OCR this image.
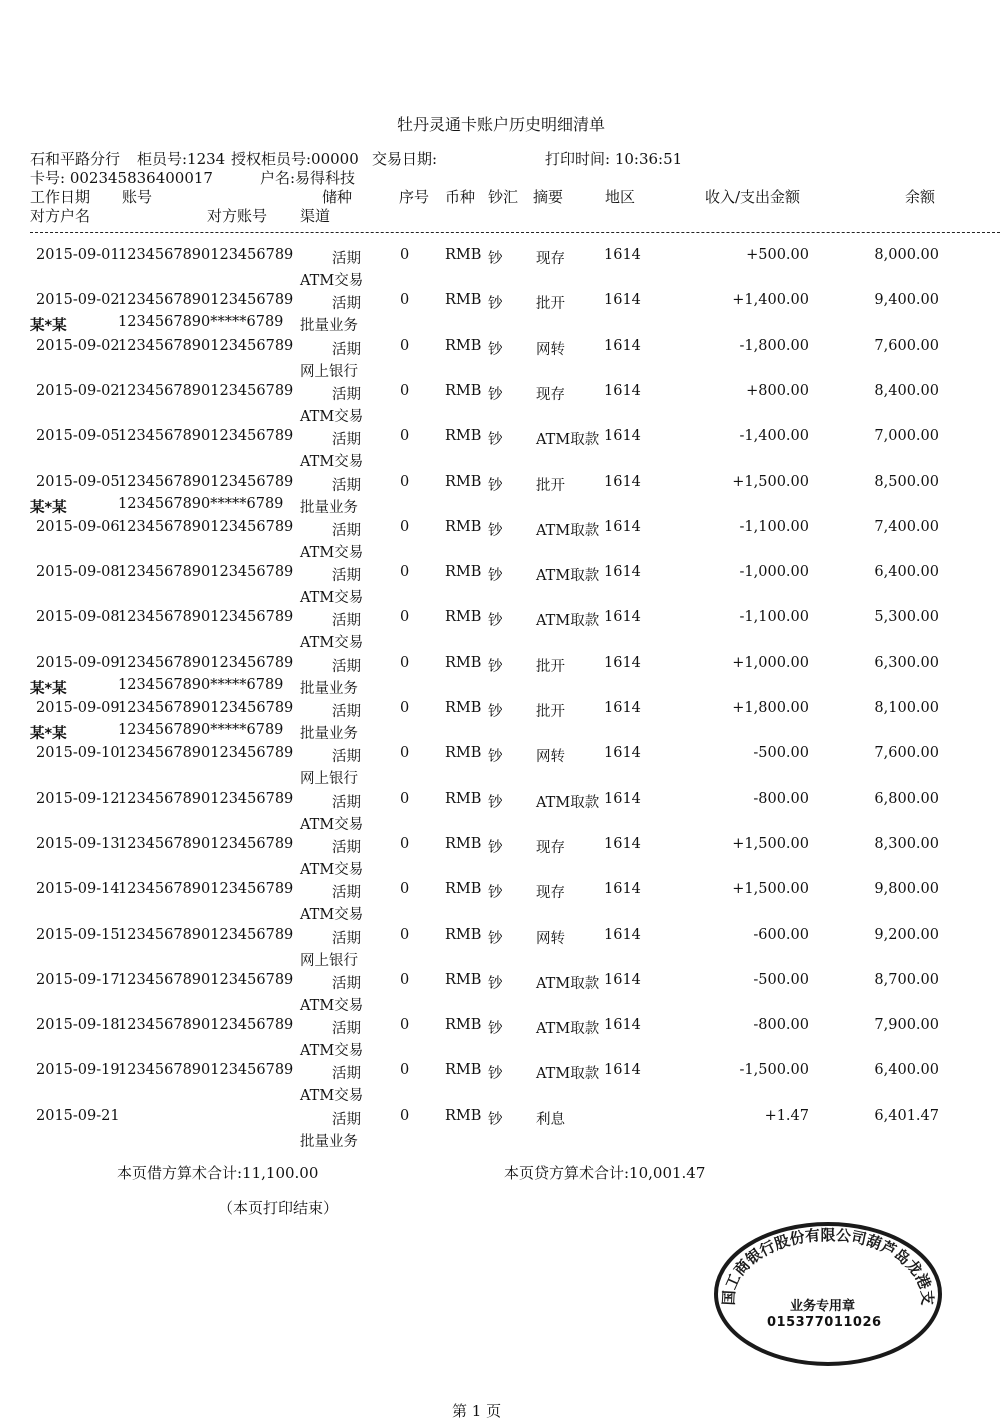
牡丹灵通卡账户历史明细清单
石和平路分行 柜员号:1234 授权柜员号:00000 交易日期:	打印时间: 10:36:51
卡号: 002345836400017	户名:易得科技
工作日期 账号	储种	序号 币种 钞汇 摘要	地区	收入/支出金额	余额
对方户名	对方账号 渠道
2015-09-01
1234567890123456789	活期	0 RMB 钞 现存	1614	+500.00	8,000.00
ATM交易
2015-09-02
1234567890123456789	活期	0 RMB 钞 批开	1614	+1,400.00	9,400.00
某*某	1234567890*****6789 批量业务
2015-09-02
1234567890123456789	活期	0 RMB 钞 网转	1614	-1,800.00	7,600.00
网上银行
2015-09-02
1234567890123456789	活期	0 RMB 钞 现存	1614	+800.00	8,400.00
ATM交易
2015-09-05
1234567890123456789	活期	0 RMB 钞 ATM取款 1614	-1,400.00	7,000.00
ATM交易
2015-09-05
1234567890123456789	活期	0 RMB 钞 批开	1614	+1,500.00	8,500.00
某*某	1234567890*****6789 批量业务
2015-09-06
1234567890123456789	活期	0 RMB 钞 ATM取款 1614	-1,100.00	7,400.00
ATM交易
2015-09-08
1234567890123456789	活期	0 RMB 钞 ATM取款 1614	-1,000.00	6,400.00
ATM交易
2015-09-08
1234567890123456789	活期	0 RMB 钞 ATM取款 1614	-1,100.00	5,300.00
ATM交易
2015-09-09
1234567890123456789	活期	0 RMB 钞 批开	1614	+1,000.00	6,300.00
某*某	1234567890*****6789 批量业务
2015-09-09
1234567890123456789	活期	0 RMB 钞 批开	1614	+1,800.00	8,100.00
某*某	1234567890*****6789 批量业务
2015-09-10
1234567890123456789	活期	0 RMB 钞 网转	1614	-500.00	7,600.00
网上银行
2015-09-12
1234567890123456789	活期	0 RMB 钞 ATM取款 1614	-800.00	6,800.00
ATM交易
2015-09-13
1234567890123456789	活期	0 RMB 钞 现存	1614	+1,500.00	8,300.00
ATM交易
2015-09-14
1234567890123456789	活期	0 RMB 钞 现存	1614	+1,500.00	9,800.00
ATM交易
2015-09-15
1234567890123456789	活期	0 RMB 钞 网转	1614	-600.00	9,200.00
网上银行
2015-09-17
1234567890123456789	活期	0 RMB 钞 ATM取款 1614	-500.00	8,700.00
ATM交易
2015-09-18
1234567890123456789	活期	0 RMB 钞 ATM取款 1614	-800.00	7,900.00
ATM交易
2015-09-19
1234567890123456789	活期	0 RMB 钞 ATM取款 1614	-1,500.00	6,400.00
ATM交易
2015-09-21	活期	0 RMB 钞 利息	+1.47	6,401.47
批量业务
本页借方算术合计:11,100.00	本页贷方算术合计:10,001.47
（本页打印结束）
国工商银行股份有限公司葫芦岛龙港支
业务专用章
015377011026
第 1 页
